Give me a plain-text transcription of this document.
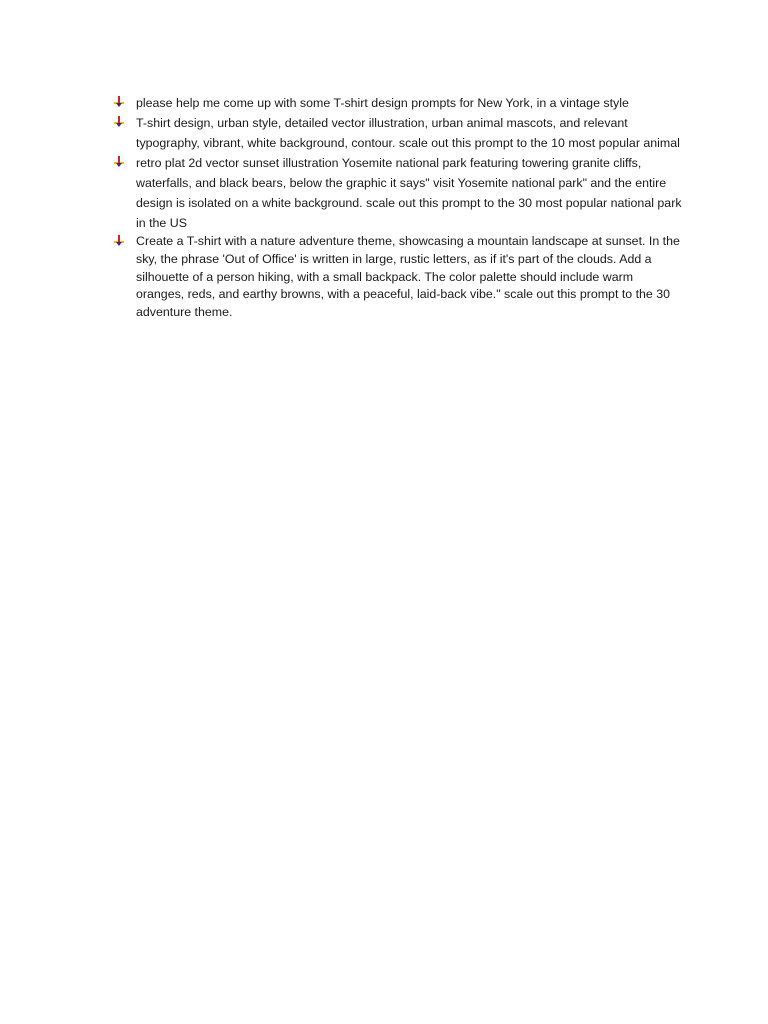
please help me come up with some T-shirt design prompts for New York, in a vintage style
T-shirt design, urban style, detailed vector illustration, urban animal mascots, and relevant typography, vibrant, white background, contour. scale out this prompt to the 10 most popular animal
retro plat 2d vector sunset illustration Yosemite national park featuring towering granite cliffs, waterfalls, and black bears, below the graphic it says" visit Yosemite national park" and the entire design is isolated on a white background. scale out this prompt to the 30 most popular national park in the US
Create a T-shirt with a nature adventure theme, showcasing a mountain landscape at sunset. In the sky, the phrase 'Out of Office' is written in large, rustic letters, as if it's part of the clouds. Add a silhouette of a person hiking, with a small backpack. The color palette should include warm oranges, reds, and earthy browns, with a peaceful, laid-back vibe." scale out this prompt to the 30 adventure theme.
